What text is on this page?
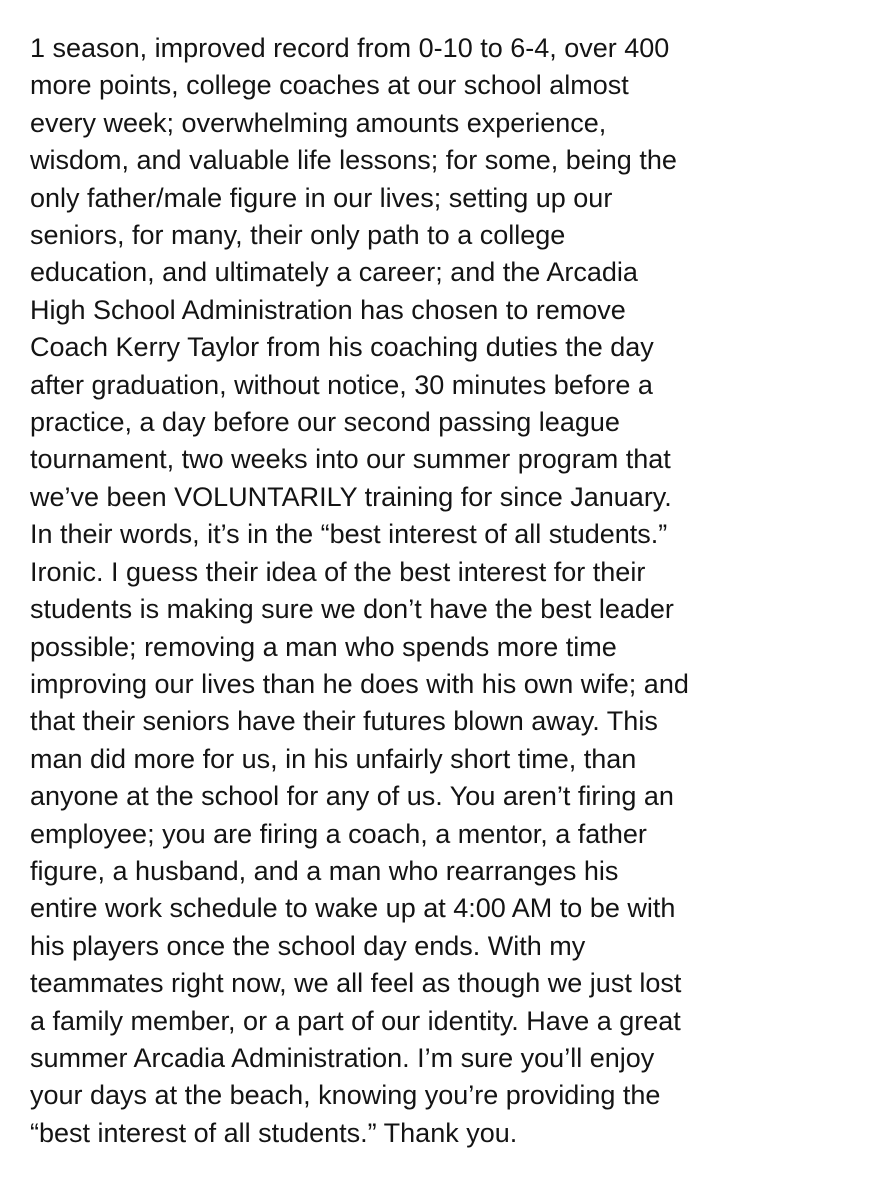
1 season, improved record from 0-10 to 6-4, over 400
more points, college coaches at our school almost
every week; overwhelming amounts experience,
wisdom, and valuable life lessons; for some, being the
only father/male figure in our lives; setting up our
seniors, for many, their only path to a college
education, and ultimately a career; and the Arcadia
High School Administration has chosen to remove
Coach Kerry Taylor from his coaching duties the day
after graduation, without notice, 30 minutes before a
practice, a day before our second passing league
tournament, two weeks into our summer program that
we’ve been VOLUNTARILY training for since January.
In their words, it’s in the “best interest of all students.”
Ironic. I guess their idea of the best interest for their
students is making sure we don’t have the best leader
possible; removing a man who spends more time
improving our lives than he does with his own wife; and
that their seniors have their futures blown away. This
man did more for us, in his unfairly short time, than
anyone at the school for any of us. You aren’t firing an
employee; you are firing a coach, a mentor, a father
figure, a husband, and a man who rearranges his
entire work schedule to wake up at 4:00 AM to be with
his players once the school day ends. With my
teammates right now, we all feel as though we just lost
a family member, or a part of our identity. Have a great
summer Arcadia Administration. I’m sure you’ll enjoy
your days at the beach, knowing you’re providing the
“best interest of all students.” Thank you.
